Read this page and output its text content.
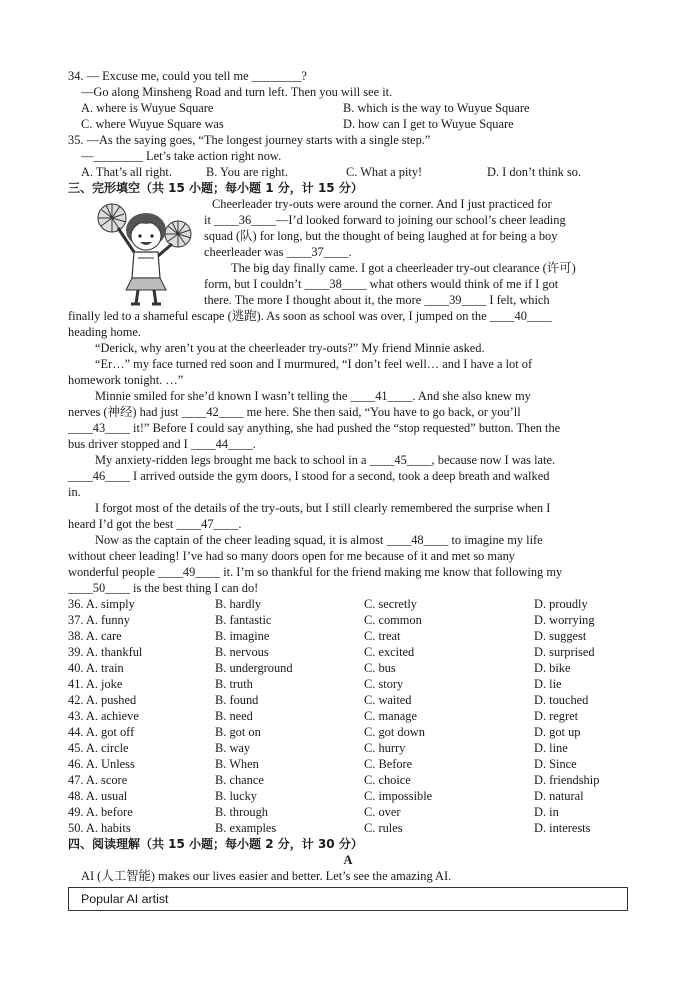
34. — Excuse me, could you tell me ________?
—Go along Minsheng Road and turn left. Then you will see it.
A. where is Wuyue Square	B. which is the way to Wuyue Square
C. where Wuyue Square was	D. how can I get to Wuyue Square
35. —As the saying goes, “The longest journey starts with a single step.”
—________ Let’s take action right now.
A. That’s all right.	B. You are right.	C. What a pity!	D. I don’t think so.
三、完形填空（共 15 小题；每小题 1 分，计 15 分）
Cheerleader try-outs were around the corner. And I just practiced for
it ____36____—I’d looked forward to joining our school’s cheer leading
squad (队) for long, but the thought of being laughed at for being a boy
cheerleader was ____37____.
The big day finally came. I got a cheerleader try-out clearance (许可)
form, but I couldn’t ____38____ what others would think of me if I got
there. The more I thought about it, the more ____39____ I felt, which
finally led to a shameful escape (逃跑). As soon as school was over, I jumped on the ____40____
heading home.
“Derick, why aren’t you at the cheerleader try-outs?” My friend Minnie asked.
“Er…” my face turned red soon and I murmured, “I don’t feel well… and I have a lot of
homework tonight. …”
Minnie smiled for she’d known I wasn’t telling the ____41____. And she also knew my
nerves (神经) had just ____42____ me here. She then said, “You have to go back, or you’ll
____43____ it!” Before I could say anything, she had pushed the “stop requested” button. Then the
bus driver stopped and I ____44____.
My anxiety-ridden legs brought me back to school in a ____45____, because now I was late.
____46____ I arrived outside the gym doors, I stood for a second, took a deep breath and walked
in.
I forgot most of the details of the try-outs, but I still clearly remembered the surprise when I
heard I’d got the best ____47____.
Now as the captain of the cheer leading squad, it is almost ____48____ to imagine my life
without cheer leading! I’ve had so many doors open for me because of it and met so many
wonderful people ____49____ it. I’m so thankful for the friend making me know that following my
____50____ is the best thing I can do!
36. A. simply	B. hardly	C. secretly	D. proudly
37. A. funny	B. fantastic	C. common	D. worrying
38. A. care	B. imagine	C. treat	D. suggest
39. A. thankful	B. nervous	C. excited	D. surprised
40. A. train	B. underground	C. bus	D. bike
41. A. joke	B. truth	C. story	D. lie
42. A. pushed	B. found	C. waited	D. touched
43. A. achieve	B. need	C. manage	D. regret
44. A. got off	B. got on	C. got down	D. got up
45. A. circle	B. way	C. hurry	D. line
46. A. Unless	B. When	C. Before	D. Since
47. A. score	B. chance	C. choice	D. friendship
48. A. usual	B. lucky	C. impossible	D. natural
49. A. before	B. through	C. over	D. in
50. A. habits	B. examples	C. rules	D. interests
四、阅读理解（共 15 小题；每小题 2 分，计 30 分）
A
AI (人工智能) makes our lives easier and better. Let’s see the amazing AI.
Popular AI artist
